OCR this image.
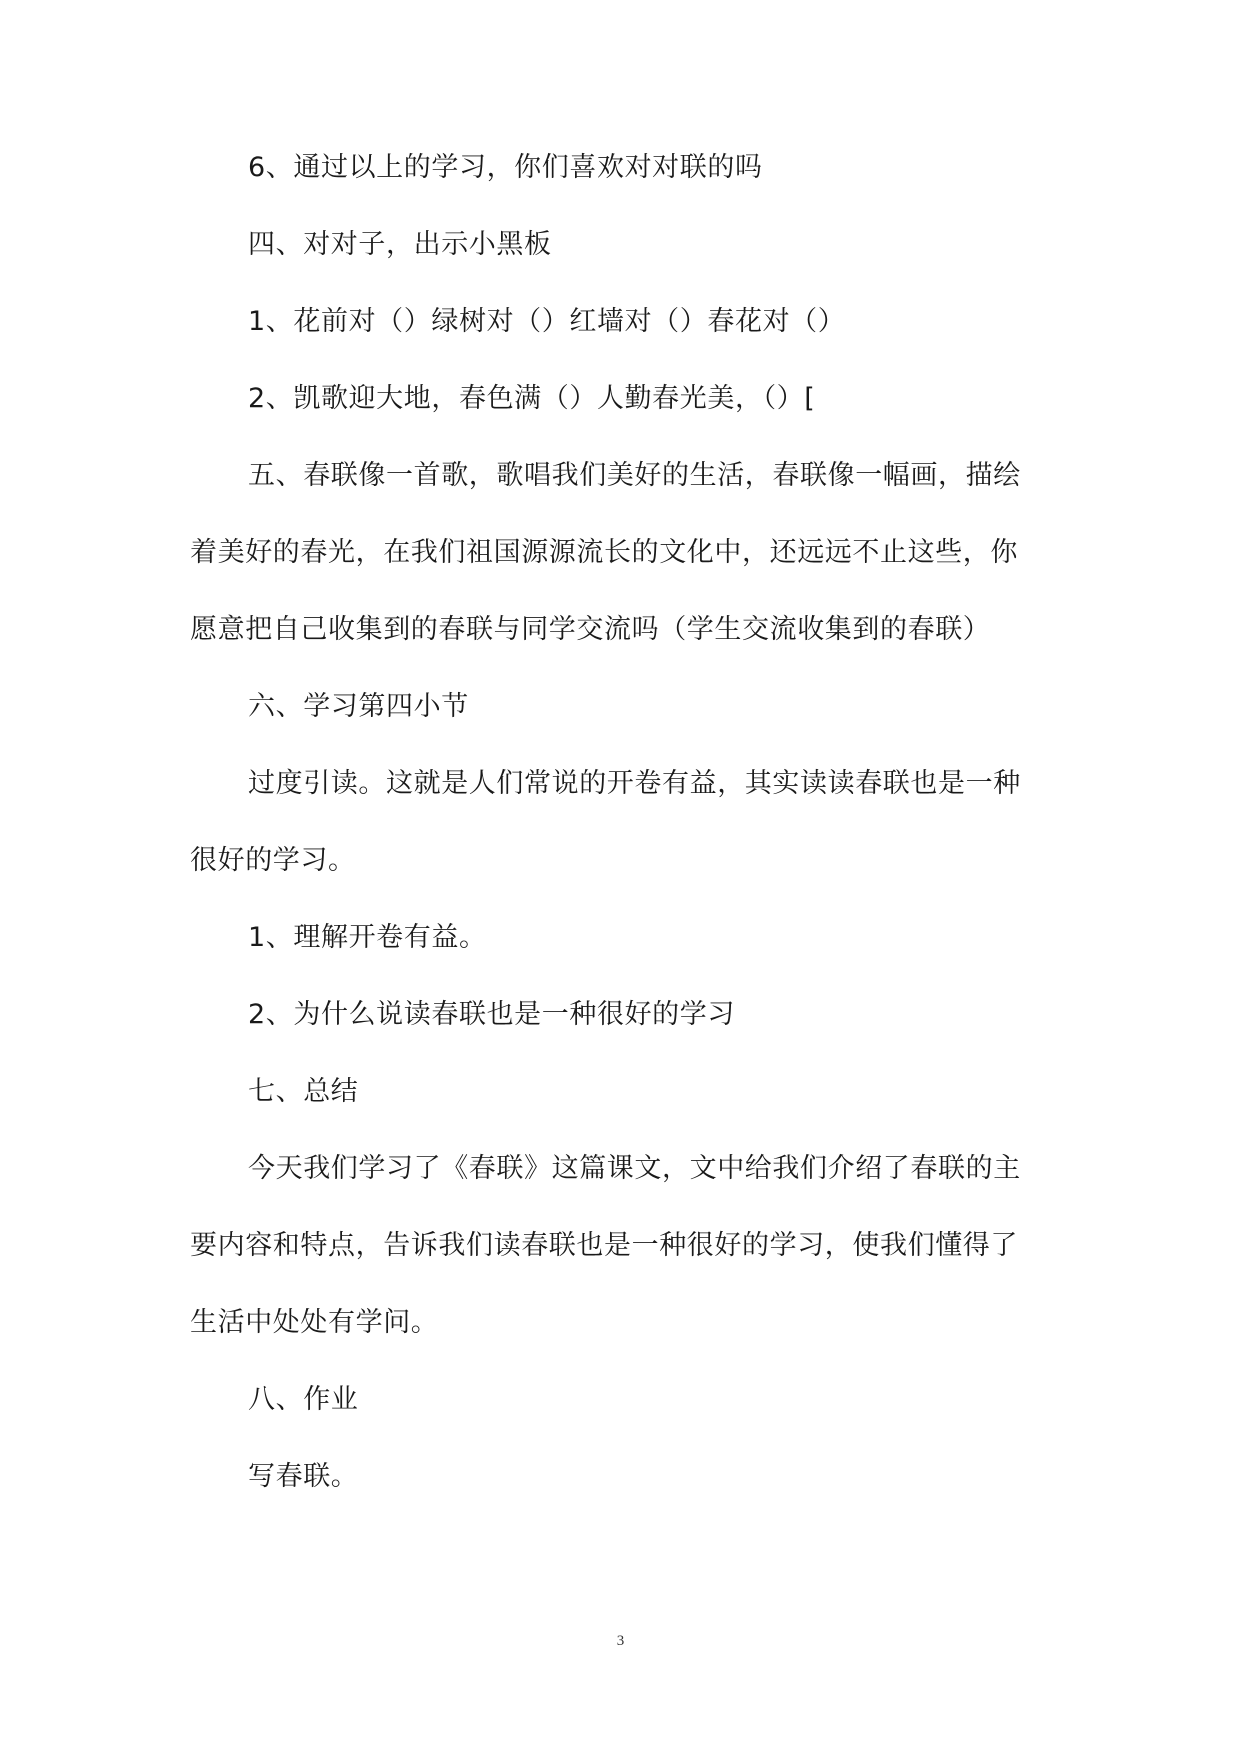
6、通过以上的学习，你们喜欢对对联的吗
四、对对子，出示小黑板
1、花前对（）绿树对（）红墙对（）春花对（）
2、凯歌迎大地，春色满（）人勤春光美，（）[
五、春联像一首歌，歌唱我们美好的生活，春联像一幅画，描绘
着美好的春光，在我们祖国源源流长的文化中，还远远不止这些，你
愿意把自己收集到的春联与同学交流吗（学生交流收集到的春联）
六、学习第四小节
过度引读。这就是人们常说的开卷有益，其实读读春联也是一种
很好的学习。
1、理解开卷有益。
2、为什么说读春联也是一种很好的学习
七、总结
今天我们学习了《春联》这篇课文，文中给我们介绍了春联的主
要内容和特点，告诉我们读春联也是一种很好的学习，使我们懂得了
生活中处处有学问。
八、作业
写春联。
3
